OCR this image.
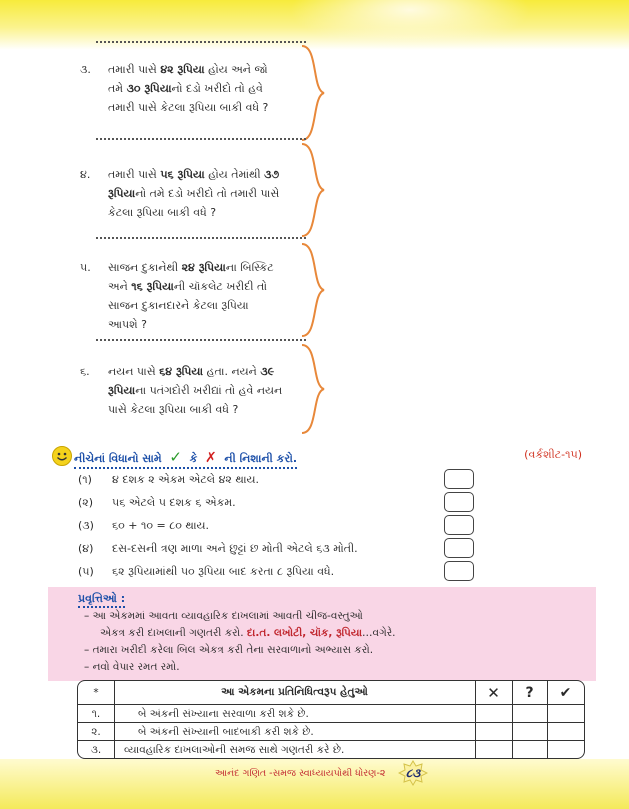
૩.	તમારી પાસે ૪૨ રૂપિયા હોય અને જો
તમે ૩૦ રૂપિયાનો દડો ખરીદો તો હવે
તમારી પાસે કેટલા રૂપિયા બાકી વધે ?
૪.	તમારી પાસે ૫૬ રૂપિયા હોય તેમાંથી ૩૭
રૂપિયાનો તમે દડો ખરીદો તો તમારી પાસે
કેટલા રૂપિયા બાકી વધે ?
૫.	સાજન દુકાનેથી ૨૪ રૂપિયાના બિસ્કિટ
અને ૧૬ રૂપિયાની ચૉકલેટ ખરીદી તો
સાજન દુકાનદારને કેટલા રૂપિયા
આપશે ?
૬.	નયન પાસે ૬૪ રૂપિયા હતા. નયને ૩૯
રૂપિયાના પતંગદોરી ખરીદ્યાં તો હવે નયન
પાસે કેટલા રૂપિયા બાકી વધે ?
નીચેનાં વિધાનો સામે ✓ કે ✗ ની નિશાની કરો.	(વર્કશીટ-૧૫)
(૧) ૪ દશક ૨ એકમ એટલે ૪૨ થાય.
(૨) ૫૬ એટલે ૫ દશક ૬ એકમ.
(૩) ૬૦ + ૧૦ = ૮૦ થાય.
(૪) દસ-દસની ત્રણ માળા અને છુટ્ટાં છ મોતી એટલે ૬૩ મોતી.
(૫) ૬૨ રૂપિયામાંથી ૫૦ રૂપિયા બાદ કરતા ૮ રૂપિયા વધે.
પ્રવૃત્તિઓ :
– આ એકમમાં આવતા વ્યાવહારિક દાખલામાં આવતી ચીજ-વસ્તુઓ
એકત્ર કરી દાખલાની ગણતરી કરો. દા.ત. લખોટી, ચૉક, રૂપિયા…વગેરે.
– તમારા ખરીદી કરેલા બિલ એકત્ર કરી તેના સરવાળાનો અભ્યાસ કરો.
– નવો વેપાર રમત રમો.
*	આ એકમના પ્રતિનિધિત્વરૂપ હેતુઓ	✕	?	✔
૧.	બે અંકની સંખ્યાના સરવાળા કરી શકે છે.
૨.	બે અંકની સંખ્યાની બાદબાકી કરી શકે છે.
૩.	વ્યાવહારિક દાખલાઓની સમજ સાથે ગણતરી કરે છે.
આનંદ ગણિત -સમજ સ્વાધ્યાયપોથી ધોરણ-૨	૮૩
